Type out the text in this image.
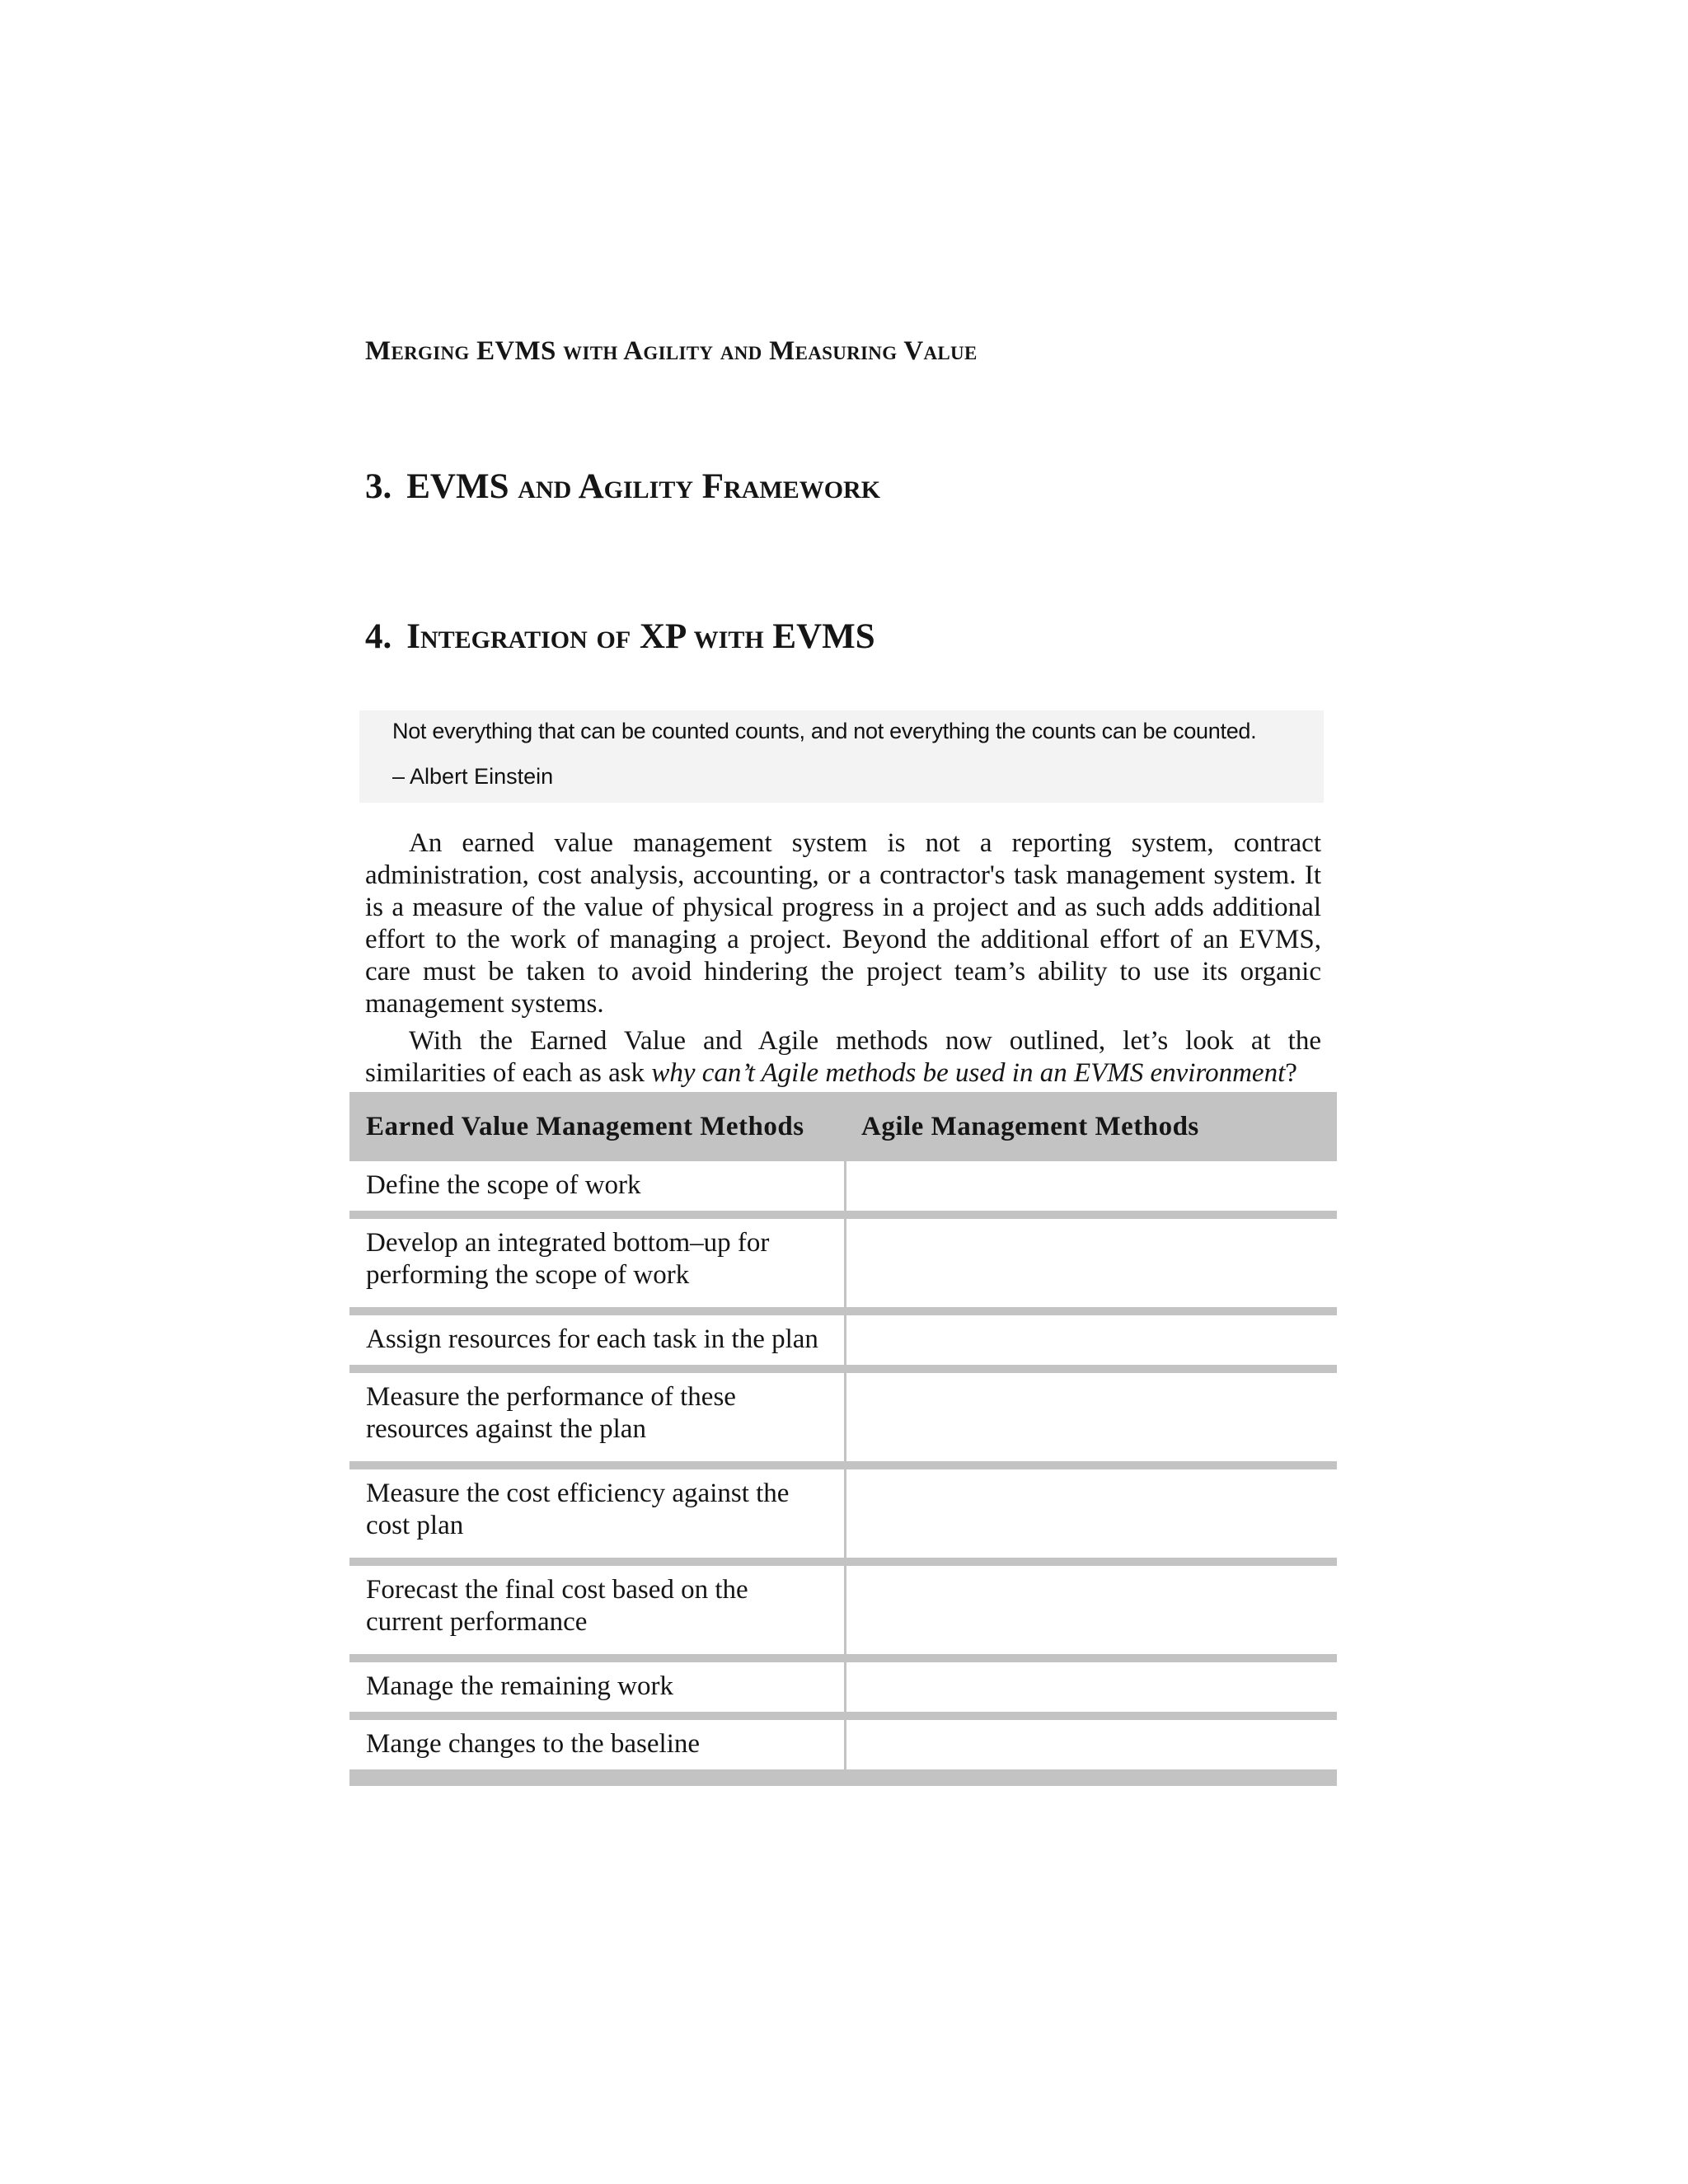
Merging EVMS with Agility and Measuring Value
3. EVMS and Agility Framework
4. Integration of XP with EVMS
Not everything that can be counted counts, and not everything the counts can be counted.
– Albert Einstein

An earned value management system is not a reporting system, contract administration, cost analysis, accounting, or a contractor's task management system. It is a measure of the value of physical progress in a project and as such adds additional effort to the work of managing a project. Beyond the additional effort of an EVMS, care must be taken to avoid hindering the project team’s ability to use its organic management systems.

With the Earned Value and Agile methods now outlined, let’s look at the similarities of each as ask why can’t Agile methods be used in an EVMS environment?

Earned Value Management Methods	Agile Management Methods
Define the scope of work	
Develop an integrated bottom–up for performing the scope of work	
Assign resources for each task in the plan	
Measure the performance of these resources against the plan	
Measure the cost efficiency against the cost plan	
Forecast the final cost based on the current performance	
Manage the remaining work	
Mange changes to the baseline	
